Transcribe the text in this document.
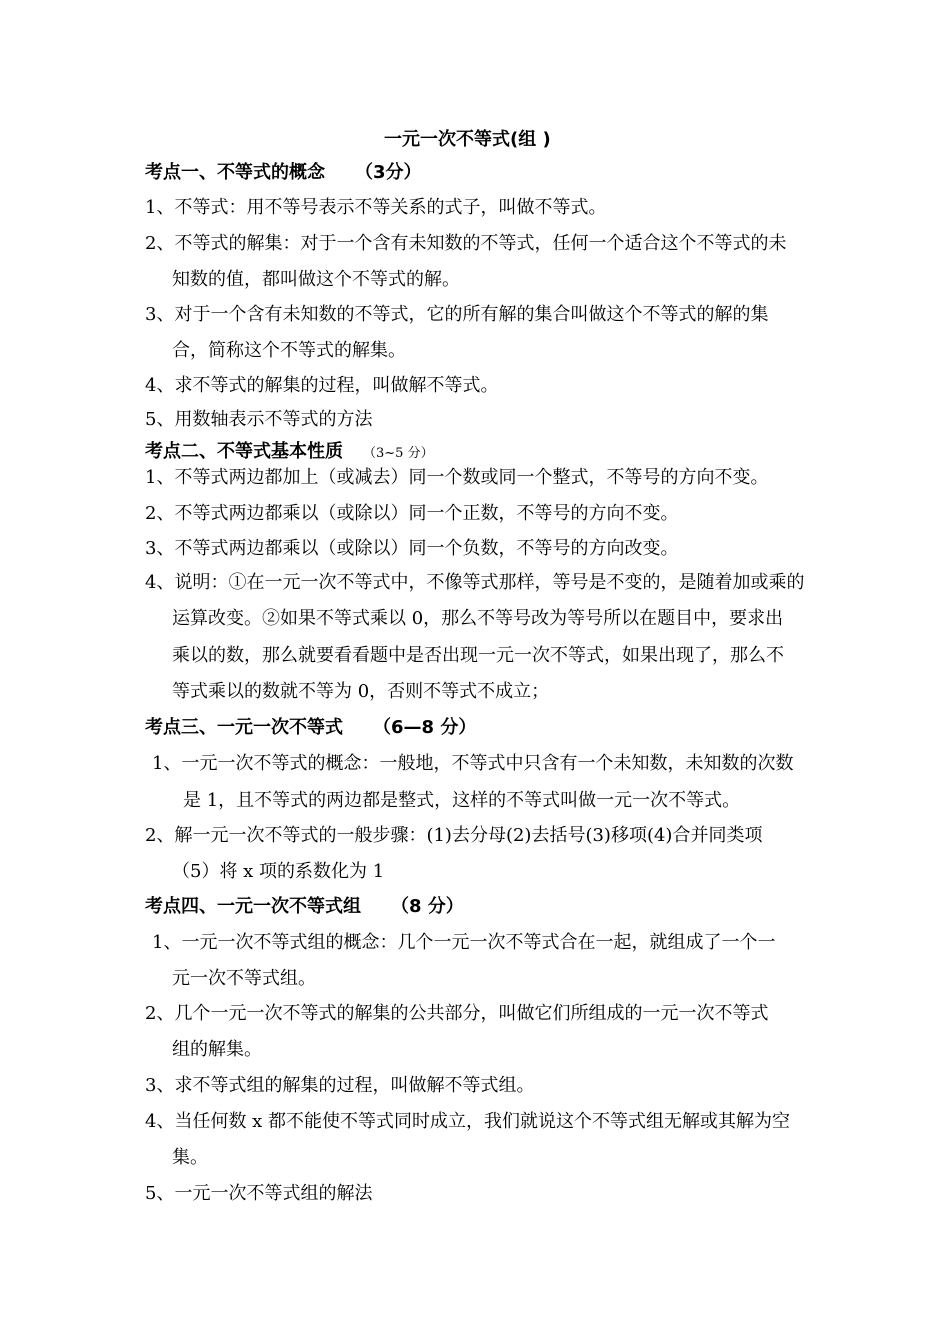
一元一次不等式(组 )
考点一、不等式的概念 （3分）
1、不等式：用不等号表示不等关系的式子，叫做不等式。
2、不等式的解集：对于一个含有未知数的不等式，任何一个适合这个不等式的未
知数的值，都叫做这个不等式的解。
3、对于一个含有未知数的不等式，它的所有解的集合叫做这个不等式的解的集
合，简称这个不等式的解集。
4、求不等式的解集的过程，叫做解不等式。
5、用数轴表示不等式的方法
考点二、不等式基本性质 （3~5 分）
1、不等式两边都加上（或减去）同一个数或同一个整式，不等号的方向不变。
2、不等式两边都乘以（或除以）同一个正数，不等号的方向不变。
3、不等式两边都乘以（或除以）同一个负数，不等号的方向改变。
4、说明：①在一元一次不等式中，不像等式那样，等号是不变的，是随着加或乘的
运算改变。②如果不等式乘以 0，那么不等号改为等号所以在题目中，要求出
乘以的数，那么就要看看题中是否出现一元一次不等式，如果出现了，那么不
等式乘以的数就不等为 0，否则不等式不成立；
考点三、一元一次不等式 （6—8 分）
1、一元一次不等式的概念：一般地，不等式中只含有一个未知数，未知数的次数
是 1，且不等式的两边都是整式，这样的不等式叫做一元一次不等式。
2、解一元一次不等式的一般步骤：(1)去分母(2)去括号(3)移项(4)合并同类项
（5）将 x 项的系数化为 1
考点四、一元一次不等式组 （8 分）
1、一元一次不等式组的概念：几个一元一次不等式合在一起，就组成了一个一
元一次不等式组。
2、几个一元一次不等式的解集的公共部分，叫做它们所组成的一元一次不等式
组的解集。
3、求不等式组的解集的过程，叫做解不等式组。
4、当任何数 x 都不能使不等式同时成立，我们就说这个不等式组无解或其解为空
集。
5、一元一次不等式组的解法
